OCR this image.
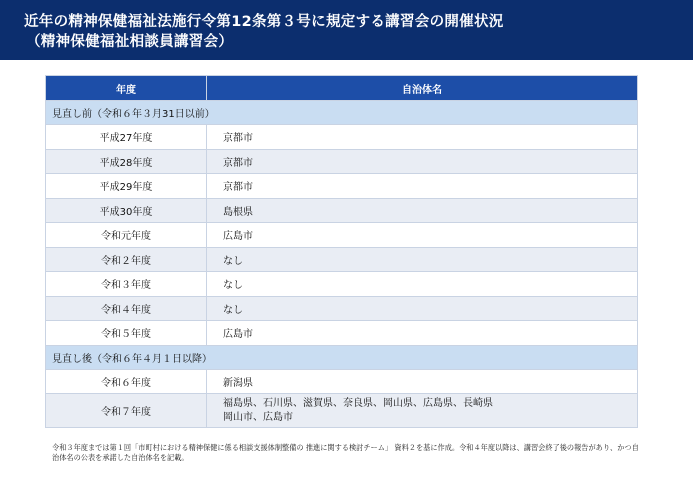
近年の精神保健福祉法施行令第12条第３号に規定する講習会の開催状況
（精神保健福祉相談員講習会）
年度	自治体名
見直し前（令和６年３月31日以前）	
平成27年度	京都市
平成28年度	京都市
平成29年度	京都市
平成30年度	島根県
令和元年度	広島市
令和２年度	なし
令和３年度	なし
令和４年度	なし
令和５年度	広島市
見直し後（令和６年４月１日以降）	
令和６年度	新潟県
令和７年度	福島県、石川県、滋賀県、奈良県、岡山県、広島県、長崎県
岡山市、広島市
令和３年度までは第１回「市町村における精神保健に係る相談支援体制整備の 推進に関する検討チーム」 資料２を基に作成。令和４年度以降は、講習会終了後の報告があり、かつ自治体名の公表を承諾した自治体名を記載。
